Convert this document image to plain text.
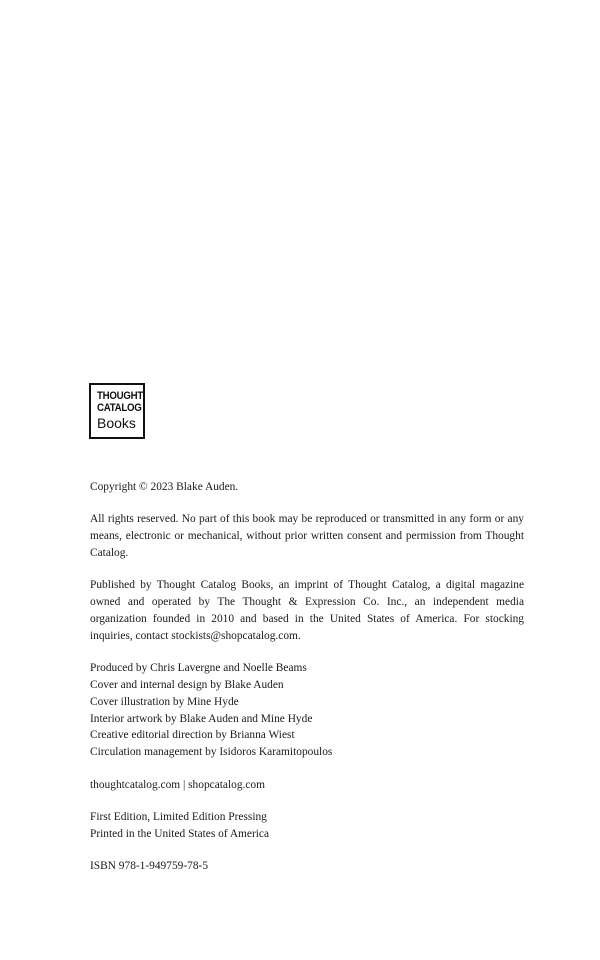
THOUGHT
CATALOG
Books

Copyright © 2023 Blake Auden.

All rights reserved. No part of this book may be reproduced or transmitted in any form or any means, electronic or mechanical, without prior written consent and permission from Thought Catalog.

Published by Thought Catalog Books, an imprint of Thought Catalog, a digital magazine owned and operated by The Thought & Expression Co. Inc., an independent media organization founded in 2010 and based in the United States of America. For stocking inquiries, contact stockists@shopcatalog.com.

Produced by Chris Lavergne and Noelle Beams
Cover and internal design by Blake Auden
Cover illustration by Mine Hyde
Interior artwork by Blake Auden and Mine Hyde
Creative editorial direction by Brianna Wiest
Circulation management by Isidoros Karamitopoulos

thoughtcatalog.com | shopcatalog.com

First Edition, Limited Edition Pressing
Printed in the United States of America

ISBN 978-1-949759-78-5
